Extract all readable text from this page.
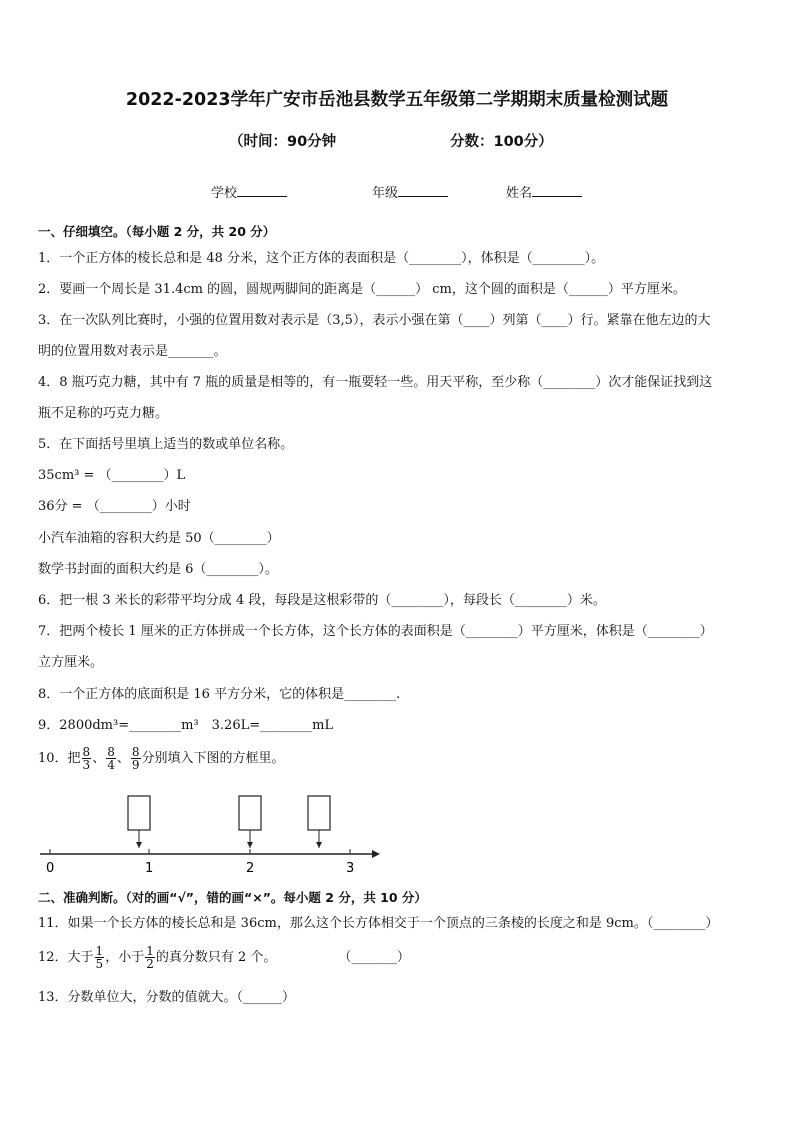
2022-2023学年广安市岳池县数学五年级第二学期期末质量检测试题
（时间：90分钟	分数：100分）
学校	年级	姓名
一、仔细填空。（每小题 2 分，共 20 分）
1．一个正方体的棱长总和是 48 分米，这个正方体的表面积是（________），体积是（________）。
2．要画一个周长是 31.4cm 的圆，圆规两脚间的距离是（______） cm，这个圆的面积是（______）平方厘米。
3．在一次队列比赛时，小强的位置用数对表示是（3,5），表示小强在第（____）列第（____）行。紧靠在他左边的大
明的位置用数对表示是_______。
4．8 瓶巧克力糖，其中有 7 瓶的质量是相等的，有一瓶要轻一些。用天平称，至少称（________）次才能保证找到这
瓶不足称的巧克力糖。
5．在下面括号里填上适当的数或单位名称。
35cm³ = （________）L
36分 = （________）小时
小汽车油箱的容积大约是 50（________）
数学书封面的面积大约是 6（________）。
6．把一根 3 米长的彩带平均分成 4 段，每段是这根彩带的（________），每段长（________）米。
7．把两个棱长 1 厘米的正方体拼成一个长方体，这个长方体的表面积是（________）平方厘米，体积是（________）
立方厘米。
8．一个正方体的底面积是 16 平方分米，它的体积是________.
9．2800dm³=________m³　3.26L=________mL
10．把 $\frac{8}{3}$ 、 $\frac{8}{4}$ 、 $\frac{8}{9}$ 分别填入下图的方框里。
0	1	2	3
二、准确判断。（对的画“√”，错的画“×”。每小题 2 分，共 10 分）
11．如果一个长方体的棱长总和是 36cm，那么这个长方体相交于一个顶点的三条棱的长度之和是 9cm。（________）
12．大于 $\frac{1}{5}$ ，小于 $\frac{1}{2}$ 的真分数只有 2 个。	（_______）
13．分数单位大，分数的值就大。（______）
